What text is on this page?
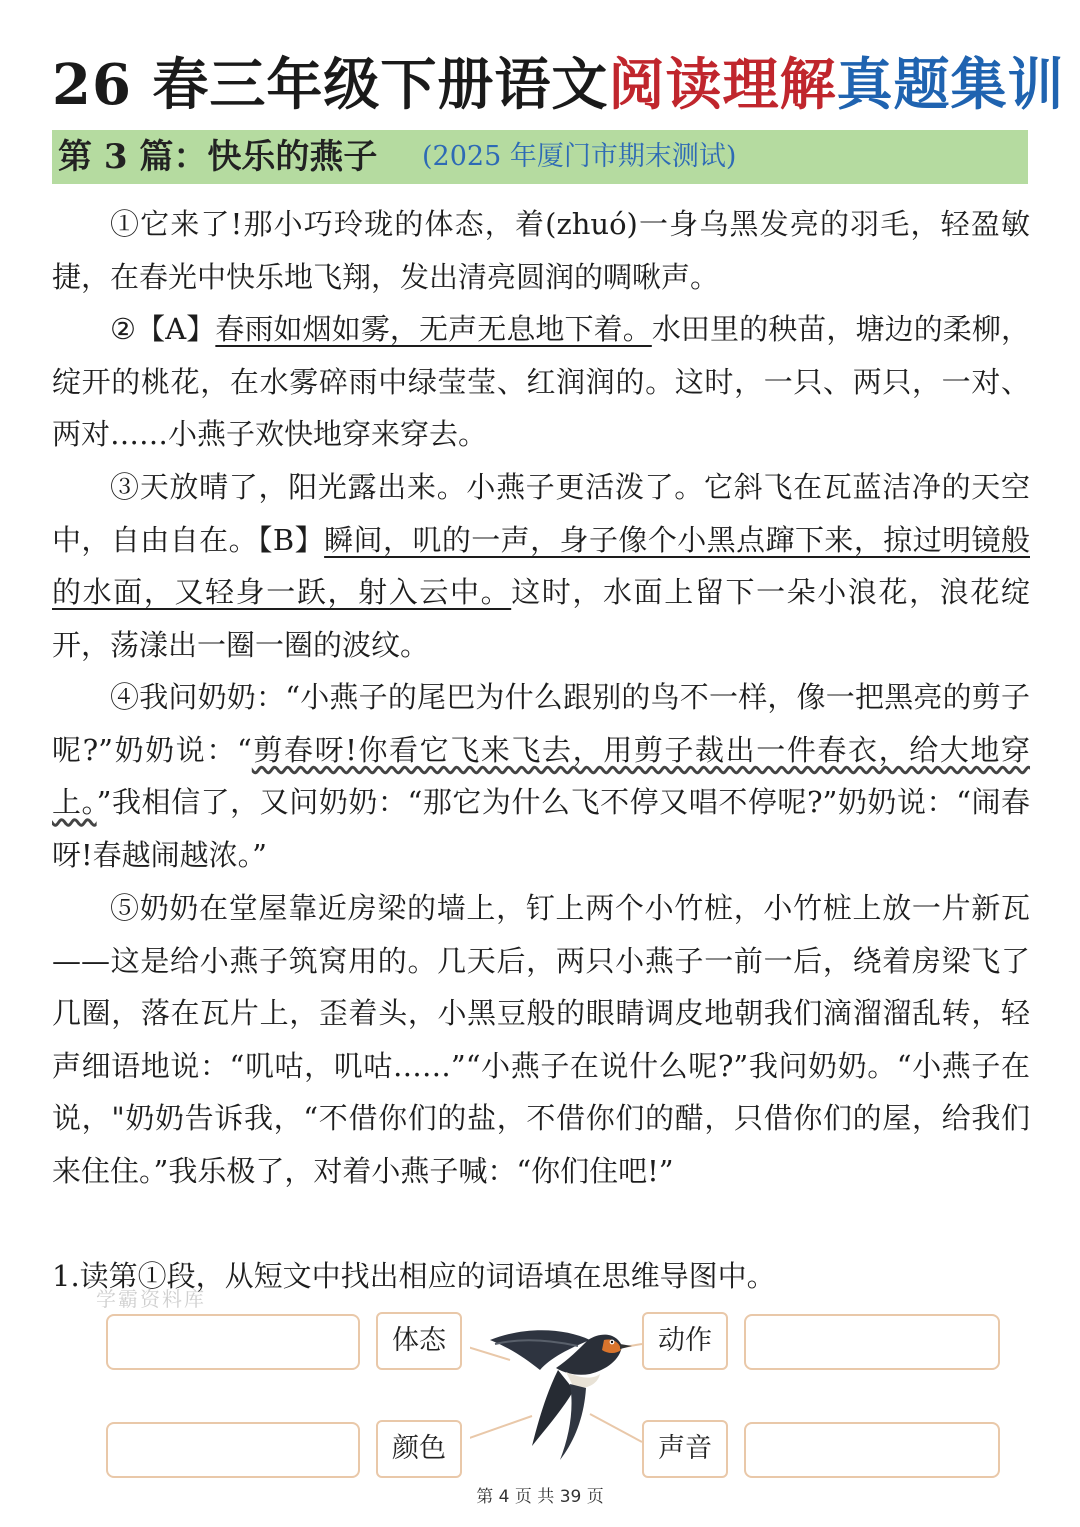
26 春三年级下册语文阅读理解真题集训
第 3 篇：快乐的燕子 (2025 年厦门市期末测试)

①它来了!那小巧玲珑的体态，着(zhuó)一身乌黑发亮的羽毛，轻盈敏捷，在春光中快乐地飞翔，发出清亮圆润的啁啾声。

②【A】春雨如烟如雾，无声无息地下着。水田里的秧苗，塘边的柔柳，绽开的桃花，在水雾碎雨中绿莹莹、红润润的。这时，一只、两只，一对、两对……小燕子欢快地穿来穿去。

③天放晴了，阳光露出来。小燕子更活泼了。它斜飞在瓦蓝洁净的天空中，自由自在。【B】瞬间，叽的一声，身子像个小黑点蹿下来，掠过明镜般的水面，又轻身一跃，射入云中。这时，水面上留下一朵小浪花，浪花绽开，荡漾出一圈一圈的波纹。

④我问奶奶：“小燕子的尾巴为什么跟别的鸟不一样，像一把黑亮的剪子呢?”奶奶说：“剪春呀!你看它飞来飞去，用剪子裁出一件春衣，给大地穿上。”我相信了，又问奶奶：“那它为什么飞不停又唱不停呢?”奶奶说：“闹春呀!春越闹越浓。”

⑤奶奶在堂屋靠近房梁的墙上，钉上两个小竹桩，小竹桩上放一片新瓦——这是给小燕子筑窝用的。几天后，两只小燕子一前一后，绕着房梁飞了几圈，落在瓦片上，歪着头，小黑豆般的眼睛调皮地朝我们滴溜溜乱转，轻声细语地说：“叽咕，叽咕……”“小燕子在说什么呢?”我问奶奶。“小燕子在说，"奶奶告诉我，“不借你们的盐，不借你们的醋，只借你们的屋，给我们来住住。”我乐极了，对着小燕子喊：“你们住吧!”

1.读第①段，从短文中找出相应的词语填在思维导图中。
学霸资料库
体态	动作
颜色	声音
第 4 页 共 39 页
